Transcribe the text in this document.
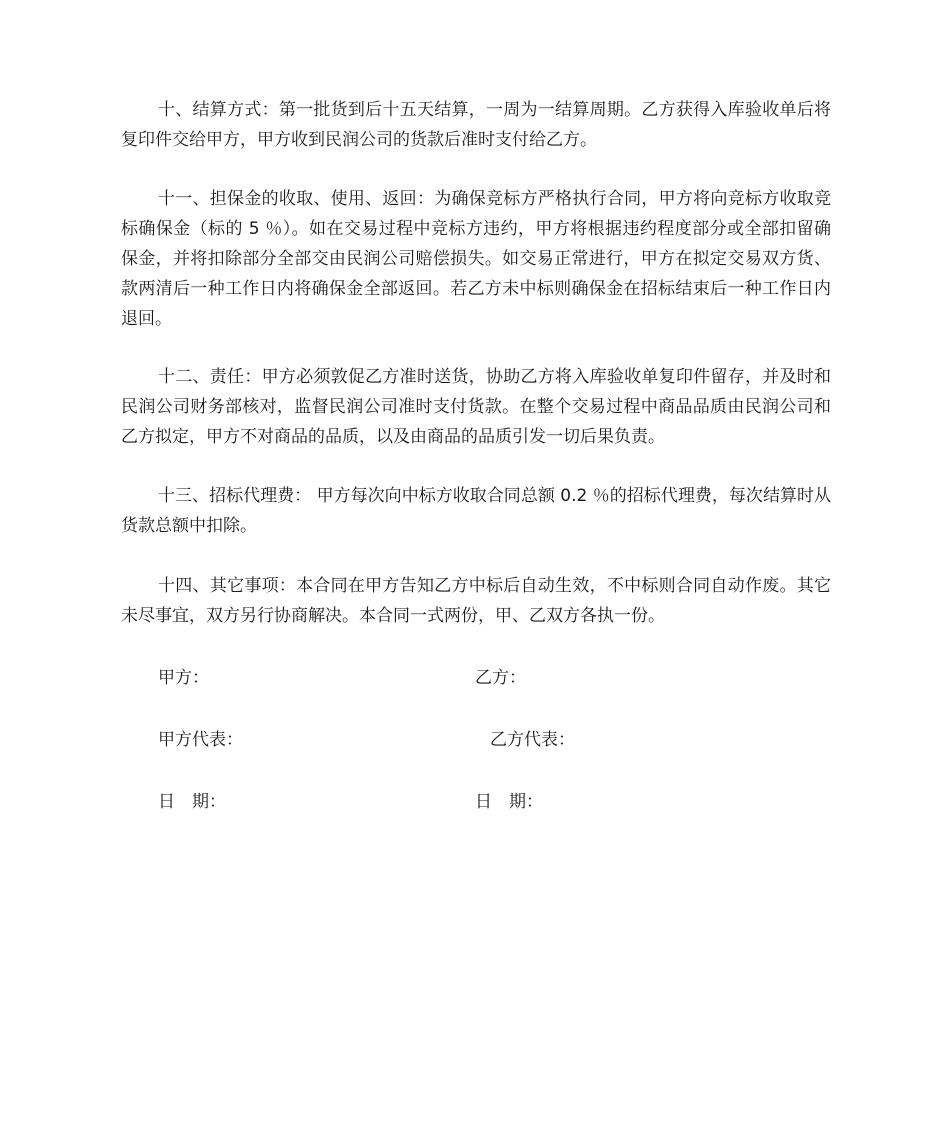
十、结算方式：第一批货到后十五天结算，一周为一结算周期。乙方获得入库验收单后将复印件交给甲方，甲方收到民润公司的货款后准时支付给乙方。

十一、担保金的收取、使用、返回：为确保竞标方严格执行合同，甲方将向竞标方收取竞标确保金（标的 5 ％）。如在交易过程中竞标方违约，甲方将根据违约程度部分或全部扣留确保金，并将扣除部分全部交由民润公司赔偿损失。如交易正常进行，甲方在拟定交易双方货、款两清后一种工作日内将确保金全部返回。若乙方未中标则确保金在招标结束后一种工作日内退回。

十二、责任：甲方必须敦促乙方准时送货，协助乙方将入库验收单复印件留存，并及时和民润公司财务部核对，监督民润公司准时支付货款。在整个交易过程中商品品质由民润公司和乙方拟定，甲方不对商品的品质，以及由商品的品质引发一切后果负责。

十三、招标代理费： 甲方每次向中标方收取合同总额 0.2 ％的招标代理费，每次结算时从货款总额中扣除。

十四、其它事项：本合同在甲方告知乙方中标后自动生效，不中标则合同自动作废。其它未尽事宜，双方另行协商解决。本合同一式两份，甲、乙双方各执一份。

甲方：	乙方：
甲方代表：	乙方代表：
日　期：	日　期：
